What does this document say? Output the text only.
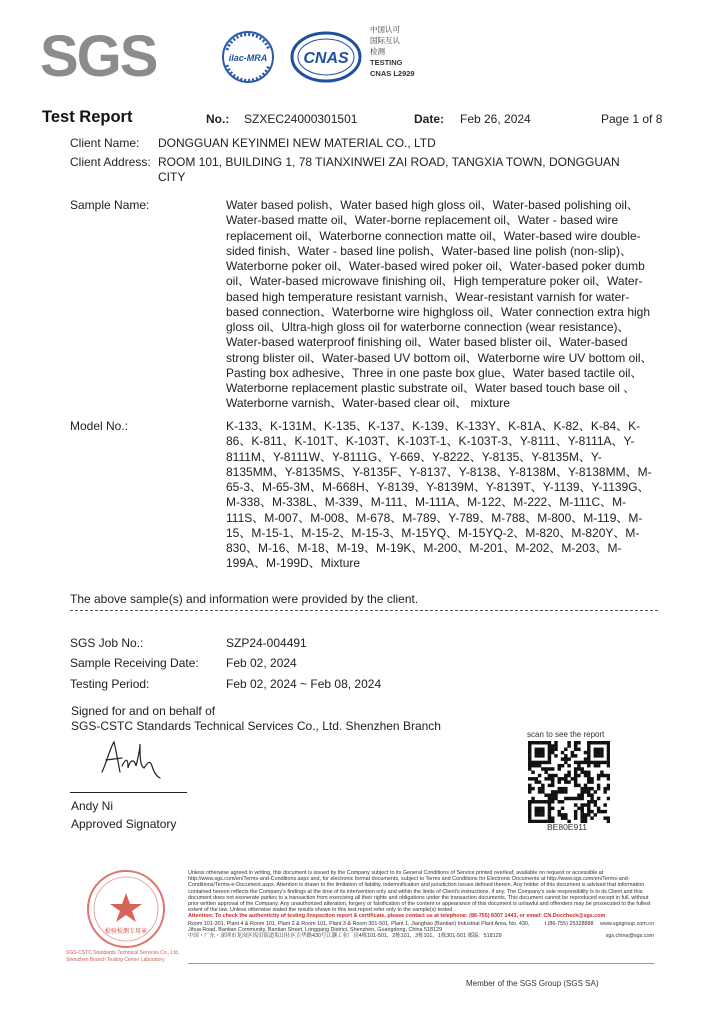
SGS	ilac-MRA CNAS
中国认可
国际互认
检测
TESTING
CNAS L2929
Test Report	No.: SZXEC24000301501	Date: Feb 26, 2024	Page 1 of 8
Client Name: DONGGUAN KEYINMEI NEW MATERIAL CO., LTD
Client Address: ROOM 101, BUILDING 1, 78 TIANXINWEI ZAI ROAD, TANGXIA TOWN, DONGGUAN
CITY
Sample Name:	Water based polish、Water based high gloss oil、Water-based polishing oil、Water-based matte oil、Water-borne replacement oil、Water - based wire replacement oil、Waterborne connection matte oil、Water-based wire double-sided finish、Water - based line polish、Water-based line polish (non-slip)、Waterborne poker oil、Water-based wired poker oil、Water-based poker dumb oil、Water-based microwave finishing oil、High temperature poker oil、Water-based high temperature resistant varnish、Wear-resistant varnish for water-based connection、Waterborne wire highgloss oil、Water connection extra high gloss oil、Ultra-high gloss oil for waterborne connection (wear resistance)、Water-based waterproof finishing oil、Water based blister oil、Water-based strong blister oil、Water-based UV bottom oil、Waterborne wire UV bottom oil、Pasting box adhesive、Three in one paste box glue、Water based tactile oil、Waterborne replacement plastic substrate oil、Water based touch base oil 、Waterborne varnish、Water-based clear oil、 mixture
Model No.:	K-133、K-131M、K-135、K-137、K-139、K-133Y、K-81A、K-82、K-84、K-86、K-811、K-101T、K-103T、K-103T-1、K-103T-3、Y-8111、Y-8111A、Y-8111M、Y-8111W、Y-8111G、Y-669、Y-8222、Y-8135、Y-8135M、Y-8135MM、Y-8135MS、Y-8135F、Y-8137、Y-8138、Y-8138M、Y-8138MM、M-65-3、M-65-3M、M-668H、Y-8139、Y-8139M、Y-8139T、Y-1139、Y-1139G、M-338、M-338L、M-339、M-111、M-111A、M-122、M-222、M-111C、M-111S、M-007、M-008、M-678、M-789、Y-789、M-788、M-800、M-119、M-15、M-15-1、M-15-2、M-15-3、M-15YQ、M-15YQ-2、M-820、M-820Y、M-830、M-16、M-18、M-19、M-19K、M-200、M-201、M-202、M-203、M-199A、M-199D、Mixture
The above sample(s) and information were provided by the client.
SGS Job No.:	SZP24-004491
Sample Receiving Date: Feb 02, 2024
Testing Period:	Feb 02, 2024 ~ Feb 08, 2024
Signed for and on behalf of
SGS-CSTC Standards Technical Services Co., Ltd. Shenzhen Branch
Andy Ni
Approved Signatory
scan to see the report
BE80E911
检验检测专用章
SGS-CSTC Standards Technical Services Co., Ltd.
Shenzhen Branch Testing Center Laboratory
Unless otherwise agreed in writing, this document is issued by the Company subject to its General Conditions of Service printed overleaf, available on request or accessible at http://www.sgs.com/en/Terms-and-Conditions.aspx and, for electronic format documents, subject to Terms and Conditions for Electronic Documents at http://www.sgs.com/en/Terms-and-Conditions/Terms-e-Document.aspx. Attention is drawn to the limitation of liability, indemnification and jurisdiction issues defined therein. Any holder of this document is advised that information contained hereon reflects the Company's findings at the time of its intervention only and within the limits of Client's instructions, if any. The Company's sole responsibility is to its Client and this document does not exonerate parties to a transaction from exercising all their rights and obligations under the transaction documents. This document cannot be reproduced except in full, without prior written approval of the Company. Any unauthorized alteration, forgery or falsification of the content or appearance of this document is unlawful and offenders may be prosecuted to the fullest extent of the law. Unless otherwise stated the results shown in this test report refer only to the sample(s) tested .
Attention: To check the authenticity of testing /inspection report & certificate, please contact us at telephone: (86-755) 8307 1443, or email: CN.Doccheck@sgs.com
Room 101-301, Plant 4 & Room 101, Plant 2 & Room 101, Plant 3 & Room 301-501, Plant 1, Jianghao (Bantian) Industrial Plant Area, No. 430, Jihua Road, Bantian Community, Bantian Street, Longgang District, Shenzhen, Guangdong, China 518129
t (86-755) 25328888 www.sgsgroup.com.cn
中国・广东・深圳市龙岗区坂田街道坂田社区吉华路430号江灏工业厂房4栋101-501，2栋101，3栋101，1栋301-501 邮编：518129	sgs.china@sgs.com
Member of the SGS Group (SGS SA)
